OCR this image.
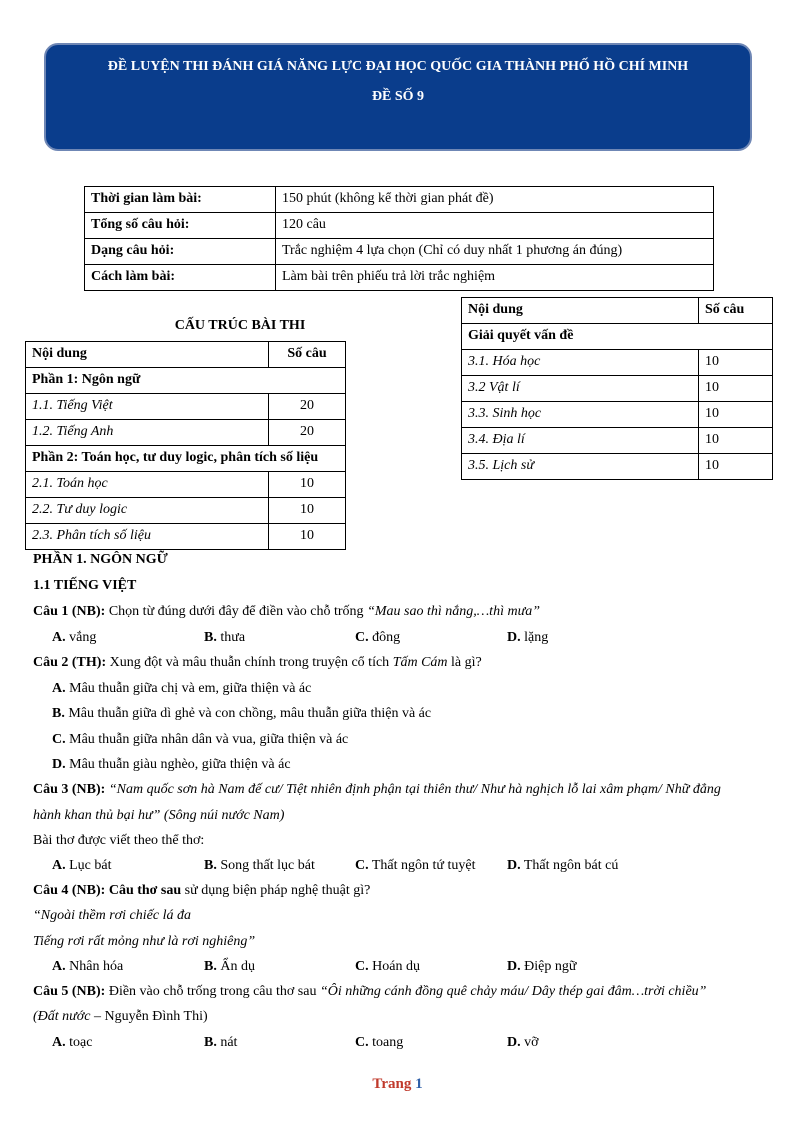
ĐỀ LUYỆN THI ĐÁNH GIÁ NĂNG LỰC ĐẠI HỌC QUỐC GIA THÀNH PHỐ HỒ CHÍ MINH
ĐỀ SỐ 9
Thời gian làm bài:	150 phút (không kể thời gian phát đề)
Tổng số câu hỏi:	120 câu
Dạng câu hỏi:	Trắc nghiệm 4 lựa chọn (Chỉ có duy nhất 1 phương án đúng)
Cách làm bài:	Làm bài trên phiếu trả lời trắc nghiệm
CẤU TRÚC BÀI THI
Nội dung	Số câu
Phần 1: Ngôn ngữ	
1.1. Tiếng Việt	20
1.2. Tiếng Anh	20
Phần 2: Toán học, tư duy logic, phân tích số liệu	
2.1. Toán học	10
2.2. Tư duy logic	10
2.3. Phân tích số liệu	10
Nội dung	Số câu
Giải quyết vấn đề	
3.1. Hóa học	10
3.2 Vật lí	10
3.3. Sinh học	10
3.4. Địa lí	10
3.5. Lịch sử	10
PHẦN 1. NGÔN NGỮ
1.1 TIẾNG VIỆT
Câu 1 (NB): Chọn từ đúng dưới đây để điền vào chỗ trống “Mau sao thì nắng,…thì mưa”
A. vắng	B. thưa	C. đông	D. lặng
Câu 2 (TH): Xung đột và mâu thuẫn chính trong truyện cổ tích Tấm Cám là gì?
A. Mâu thuẫn giữa chị và em, giữa thiện và ác
B. Mâu thuẫn giữa dì ghẻ và con chồng, mâu thuẫn giữa thiện và ác
C. Mâu thuẫn giữa nhân dân và vua, giữa thiện và ác
D. Mâu thuẫn giàu nghèo, giữa thiện và ác
Câu 3 (NB): “Nam quốc sơn hà Nam đế cư/ Tiệt nhiên định phận tại thiên thư/ Như hà nghịch lỗ lai xâm phạm/ Nhữ đẳng
hành khan thủ bại hư” (Sông núi nước Nam)
Bài thơ được viết theo thể thơ:
A. Lục bát	B. Song thất lục bát	C. Thất ngôn tứ tuyệt D. Thất ngôn bát cú
Câu 4 (NB): Câu thơ sau sử dụng biện pháp nghệ thuật gì?
“Ngoài thềm rơi chiếc lá đa
Tiếng rơi rất mỏng như là rơi nghiêng”
A. Nhân hóa	B. Ẩn dụ	C. Hoán dụ	D. Điệp ngữ
Câu 5 (NB): Điền vào chỗ trống trong câu thơ sau “Ôi những cánh đồng quê chảy máu/ Dây thép gai đâm…trời chiều”
(Đất nước – Nguyễn Đình Thi)
A. toạc	B. nát	C. toang	D. vỡ
Trang 1
